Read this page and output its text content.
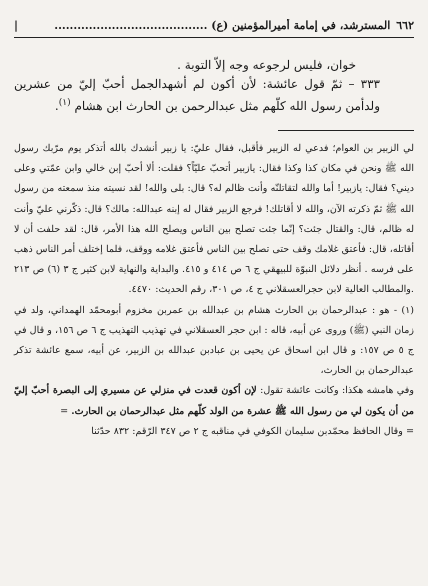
٦٦٢
المسترشد، في إمامة أميرالمؤمنين (ع) ........................................
|

خوان، فليس لرجوعه وجه إلاّ التوبة .

٣٣٣ – ثمّ قول عائشة: لأن أكون لم أشهدالجمل أحبّ إليّ من عشرين ولدأمن رسول الله كلّهم مثل عبدالرحمن بن الحارث ابن هشام $^{(١)}$.

لي الزبير بن العوام؛ فدعي له الزبير فأقبل، فقال عليّ: يا زبير أنشدك بالله أتذكر يوم مرّبك رسول الله ﷺ ونحن في مكان كذا وكذا فقال: يازبير أتحبّ عليّاً؟ فقلت: ألا أحبّ إبن خالي وابن عمّتي وعلى ديني؟ فقال: يازبير! أما والله لتقاتلنّه وأنت ظالم له؟ قال: بلى والله! لقد نسيته منذ سمعته من رسول الله ﷺ ثمّ ذكرته الآن، والله لا أقاتلك! فرجع الزبير فقال له إبنه عبدالله: مالك؟ قال: ذكّرني عليّ وأنت له ظالم، قال: والقتال جئت؟ إنّما جئت تصلح بين الناس ويصلح الله هذا الأمر، قال: لقد حلفت أن لا أقاتله، قال: فأعتق غلامك وقف حتى تصلح بين الناس فأعتق غلامه ووقف، فلما إختلف أمر الناس ذهب على فرسه . أنظر دلائل النبوّة للبيهقي ج ٦ ص ٤١٤ و ٤١٥. والبداية والنهاية لابن كثير ج ٣ (٦) ص ٢١٣ .والمطالب العالية لابن حجرالعسقلاني ج ٤، ص ٣٠١، رقم الحديث: ٤٤٧٠.

(١) - هو : عبدالرحمان بن الحارث هشام بن عبدالله بن عمربن مخزوم أبومحمّد الهمداني، ولد في زمان النبي (ﷺ) وروى عن أبيه، قاله : ابن حجر العسقلاني في تهذيب التهذيب ج ٦ ص ١٥٦، و قال في ج ٥ ص ١٥٧: و قال ابن اسحاق عن يحيى بن عبادبن عبدالله بن الزبير، عن أبيه، سمع عائشة تذكر عبدالرحمان بن الحارث،

وفي هامشه هكذا: وكانت عائشة تقول: لإن أكون قعدت في منزلي عن مسيري إلى البصرة أحبّ إليّ من أن يكون لي من رسول الله ﷺ عشرة من الولد كلّهم مثل عبدالرحمان بن الحارث. =

= وقال الحافظ محمّدبن سليمان الكوفي في مناقبه ج ٢ ص ٣٤٧ الرّقم: ٨٣٢ حدّثنا
